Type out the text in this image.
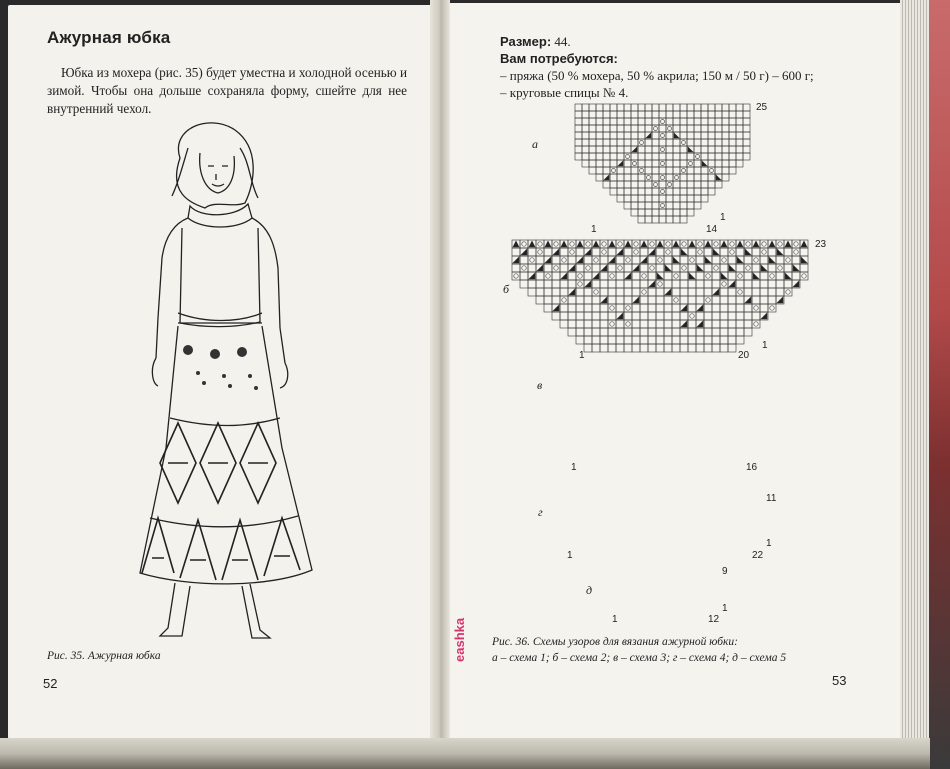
Ажурная юбка
Юбка из мохера (рис. 35) будет уместна и холодной осенью и зимой. Чтобы она дольше сохраняла форму, сшейте для нее внутренний чехол.
Рис. 35. Ажурная юбка
52
Размер: 44.
Вам потребуются:
– пряжа (50 % мохера, 50 % акрила; 150 м / 50 г) – 600 г;
– круговые спицы № 4.
а
25
1
1	14
б
23
1
1	20
в
1	16
г
11
1
1	22
д
9
1
1	12
Рис. 36. Схемы узоров для вязания ажурной юбки:
а – схема 1; б – схема 2; в – схема 3; г – схема 4; д – схема 5
53
eashka
